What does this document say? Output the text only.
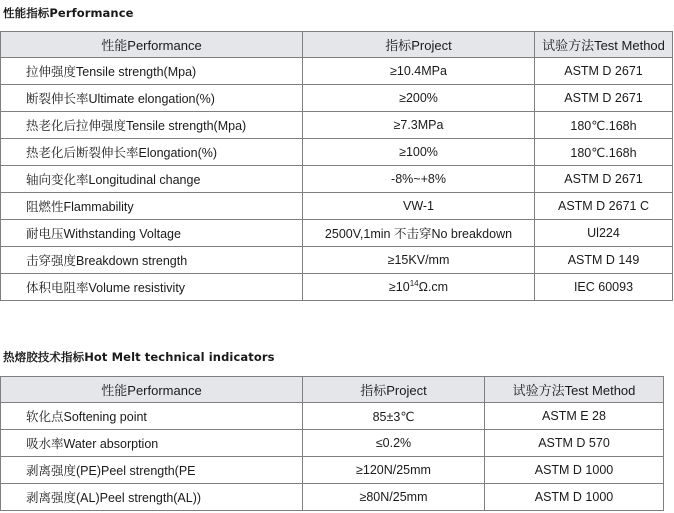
性能指标Performance
性能Performance	指标Project	试验方法Test Method
拉伸强度Tensile strength(Mpa)	≥10.4MPa	ASTM D 2671
断裂伸长率Ultimate elongation(%)	≥200%	ASTM D 2671
热老化后拉伸强度Tensile strength(Mpa)	≥7.3MPa	180℃.168h
热老化后断裂伸长率Elongation(%)	≥100%	180℃.168h
轴向变化率Longitudinal change	-8%~+8%	ASTM D 2671
阻燃性Flammability	VW-1	ASTM D 2671 C
耐电压Withstanding Voltage	2500V,1min 不击穿No breakdown	Ul224
击穿强度Breakdown strength	≥15KV/mm	ASTM D 149
体积电阻率Volume resistivity	$\ge 10^{14}\Omega.cm$	IEC 60093
热熔胶技术指标Hot Melt technical indicators
性能Performance	指标Project	试验方法Test Method
软化点Softening point	85±3℃	ASTM E 28
吸水率Water absorption	≤0.2%	ASTM D 570
剥离强度(PE)Peel strength(PE	≥120N/25mm	ASTM D 1000
剥离强度(AL)Peel strength(AL))	≥80N/25mm	ASTM D 1000
